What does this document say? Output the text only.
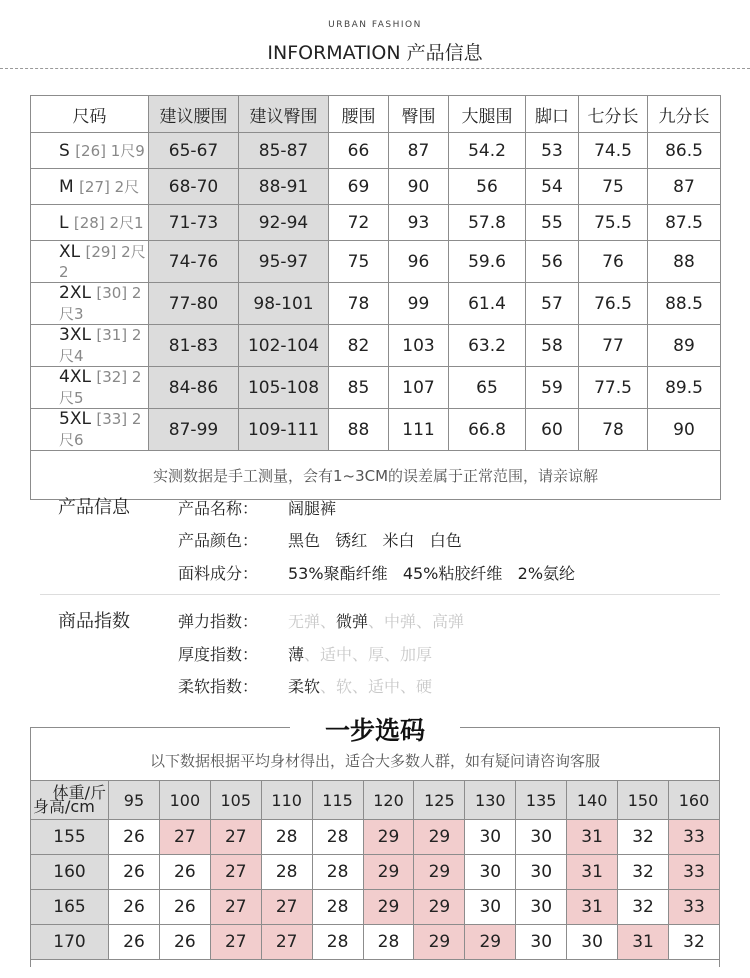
URBAN FASHION
INFORMATION 产品信息
尺码	建议腰围	建议臀围	腰围	臀围	大腿围	脚口	七分长	九分长
S [26] 1尺9	65-67	85-87	66	87	54.2	53	74.5	86.5
M [27] 2尺	68-70	88-91	69	90	56	54	75	87
L [28] 2尺1	71-73	92-94	72	93	57.8	55	75.5	87.5
XL [29] 2尺2	74-76	95-97	75	96	59.6	56	76	88
2XL [30] 2尺3	77-80	98-101	78	99	61.4	57	76.5	88.5
3XL [31] 2尺4	81-83	102-104	82	103	63.2	58	77	89
4XL [32] 2尺5	84-86	105-108	85	107	65	59	77.5	89.5
5XL [33] 2尺6	87-99	109-111	88	111	66.8	60	78	90
实测数据是手工测量，会有1~3CM的误差属于正常范围，请亲谅解								
产品信息	产品名称： 阔腿裤
产品颜色： 黑色   锈红   米白   白色
面料成分： 53%聚酯纤维   45%粘胶纤维   2%氨纶
商品指数	弹力指数： 无弹、微弹、中弹、高弹
厚度指数： 薄、适中、厚、加厚
柔软指数： 柔软、软、适中、硬
一步选码
以下数据根据平均身材得出，适合大多数人群，如有疑问请咨询客服
体重/斤
身高/cm	95	100	105	110	115	120	125	130	135	140	150	160
155	26	27	27	28	28	29	29	30	30	31	32	33
160	26	26	27	28	28	29	29	30	30	31	32	33
165	26	26	27	27	28	29	29	30	30	31	32	33
170	26	26	27	27	28	28	29	29	30	30	31	32
